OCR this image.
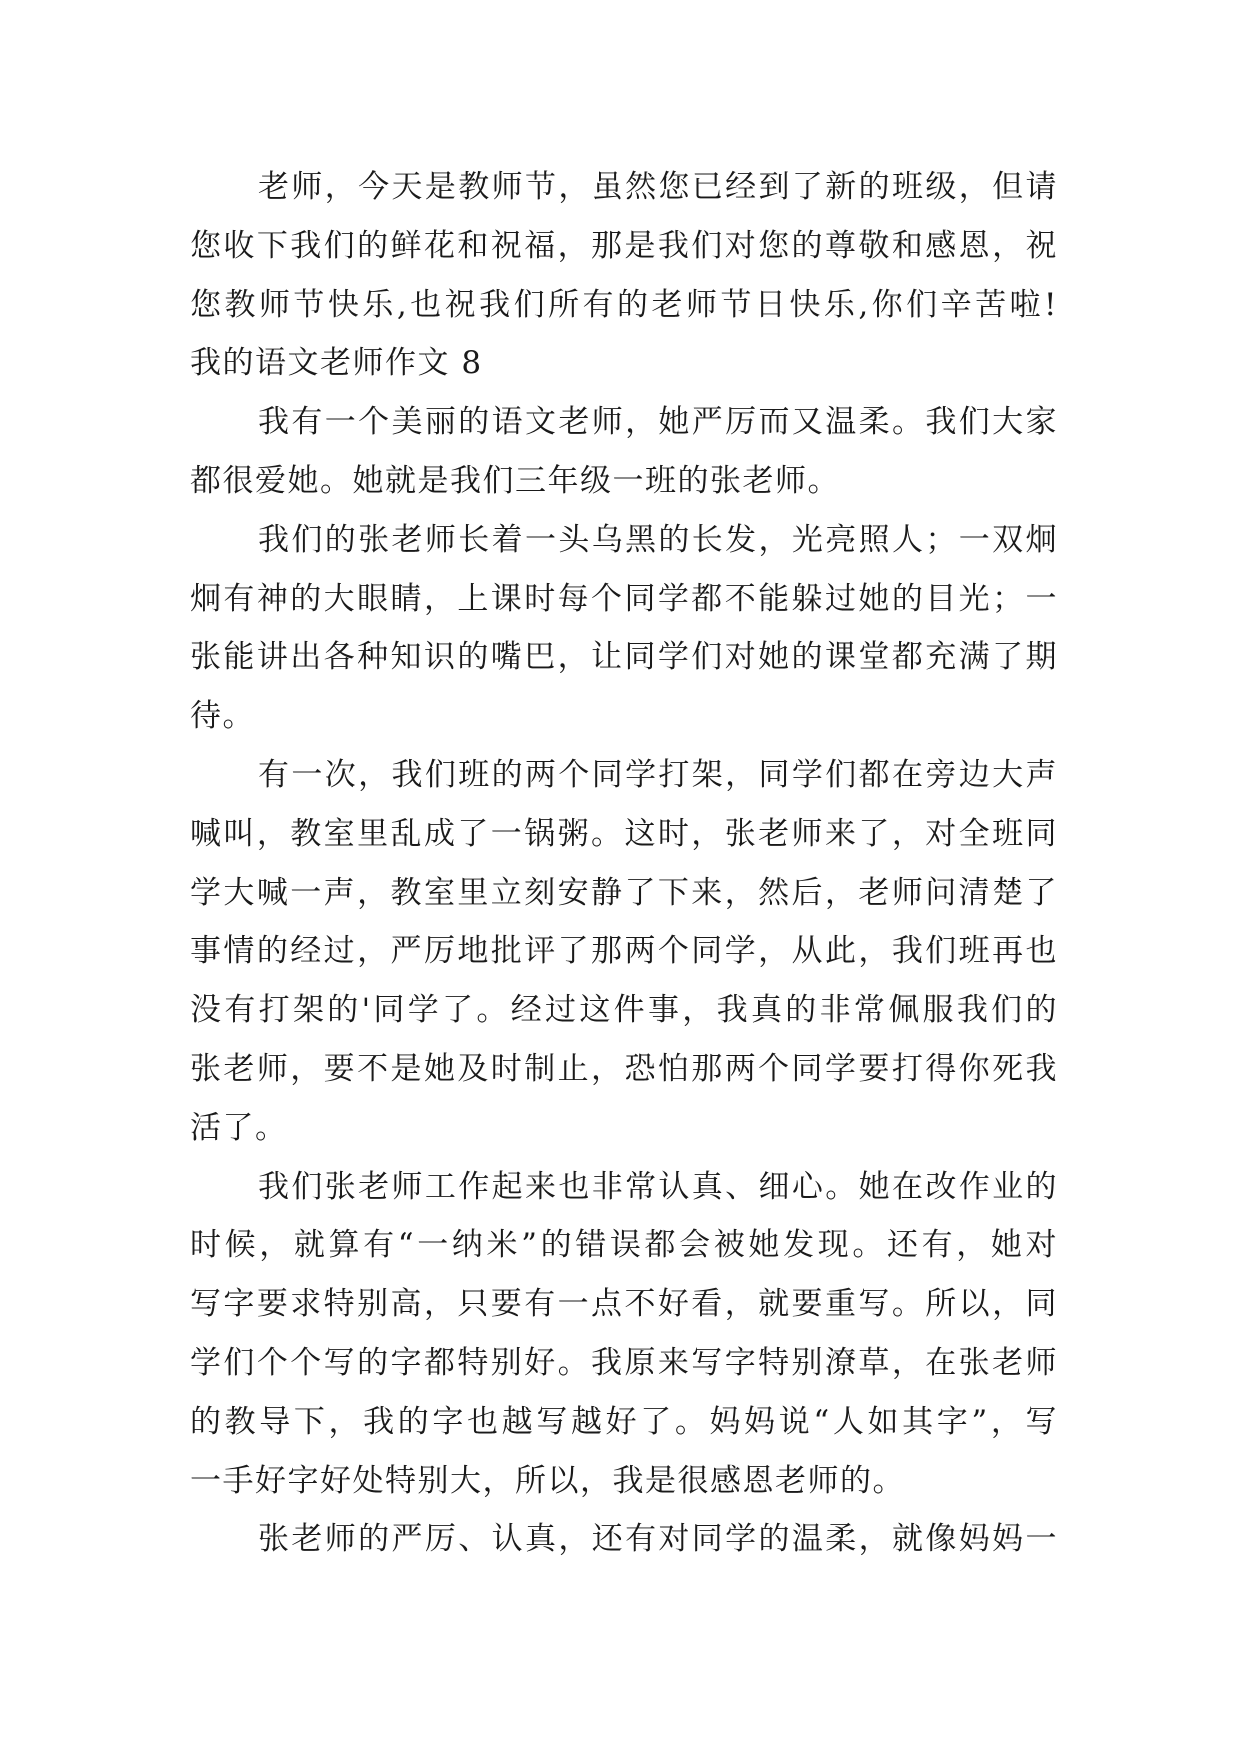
老师，今天是教师节，虽然您已经到了新的班级，但请
您收下我们的鲜花和祝福，那是我们对您的尊敬和感恩，祝
您教师节快乐,也祝我们所有的老师节日快乐,你们辛苦啦!
我的语文老师作文 8
我有一个美丽的语文老师，她严厉而又温柔。我们大家
都很爱她。她就是我们三年级一班的张老师。
我们的张老师长着一头乌黑的长发，光亮照人；一双炯
炯有神的大眼睛，上课时每个同学都不能躲过她的目光；一
张能讲出各种知识的嘴巴，让同学们对她的课堂都充满了期
待。
有一次，我们班的两个同学打架，同学们都在旁边大声
喊叫，教室里乱成了一锅粥。这时，张老师来了，对全班同
学大喊一声，教室里立刻安静了下来，然后，老师问清楚了
事情的经过，严厉地批评了那两个同学，从此，我们班再也
没有打架的'同学了。经过这件事，我真的非常佩服我们的
张老师，要不是她及时制止，恐怕那两个同学要打得你死我
活了。
我们张老师工作起来也非常认真、细心。她在改作业的
时候，就算有“一纳米”的错误都会被她发现。还有，她对
写字要求特别高，只要有一点不好看，就要重写。所以，同
学们个个写的字都特别好。我原来写字特别潦草，在张老师
的教导下，我的字也越写越好了。妈妈说“人如其字”，写
一手好字好处特别大，所以，我是很感恩老师的。
张老师的严厉、认真，还有对同学的温柔，就像妈妈一
